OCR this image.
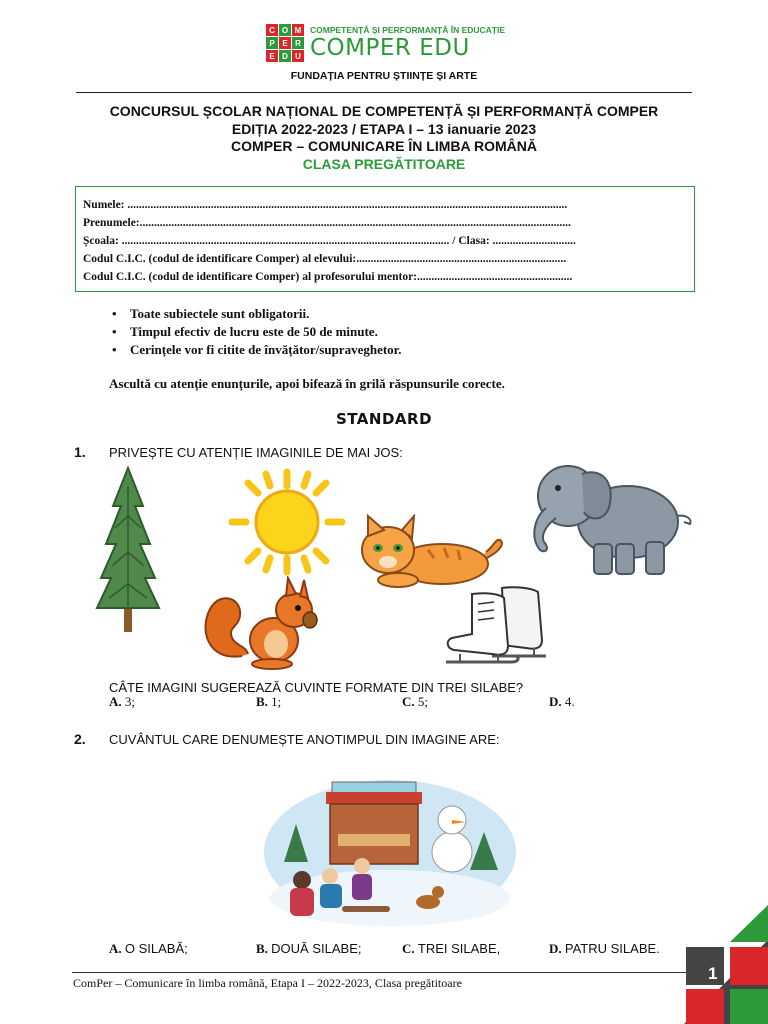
C O M
P E R
E D U
COMPETENȚĂ ȘI PERFORMANȚĂ ÎN EDUCAȚIE
COMPER EDU
FUNDAȚIA PENTRU ȘTIINȚE ȘI ARTE
CONCURSUL ȘCOLAR NAȚIONAL DE COMPETENȚĂ ȘI PERFORMANȚĂ COMPER
EDIȚIA 2022-2023 / ETAPA I – 13 ianuarie 2023
COMPER – COMUNICARE ÎN LIMBA ROMÂNĂ
CLASA PREGĂTITOARE
Numele: .........................................................................................................................................................
Prenumele:......................................................................................................................................................
Școala: .................................................................................................................. / Clasa: .............................
Codul C.I.C. (codul de identificare Comper) al elevului:.........................................................................
Codul C.I.C. (codul de identificare Comper) al profesorului mentor:......................................................
• Toate subiectele sunt obligatorii.
• Timpul efectiv de lucru este de 50 de minute.
• Cerințele vor fi citite de învățător/supraveghetor.
Ascultă cu atenție enunțurile, apoi bifează în grilă răspunsurile corecte.
STANDARD
1. PRIVEȘTE CU ATENȚIE IMAGINILE DE MAI JOS:
CÂTE IMAGINI SUGEREAZĂ CUVINTE FORMATE DIN TREI SILABE?
A. 3;	B. 1;	C. 5;	D. 4.
2. CUVÂNTUL CARE DENUMEȘTE ANOTIMPUL DIN IMAGINE ARE:
A. O SILABĂ;	B. DOUĂ SILABE;	C. TREI SILABE,	D. PATRU SILABE.
ComPer – Comunicare în limba română, Etapa I – 2022-2023, Clasa pregătitoare	1
